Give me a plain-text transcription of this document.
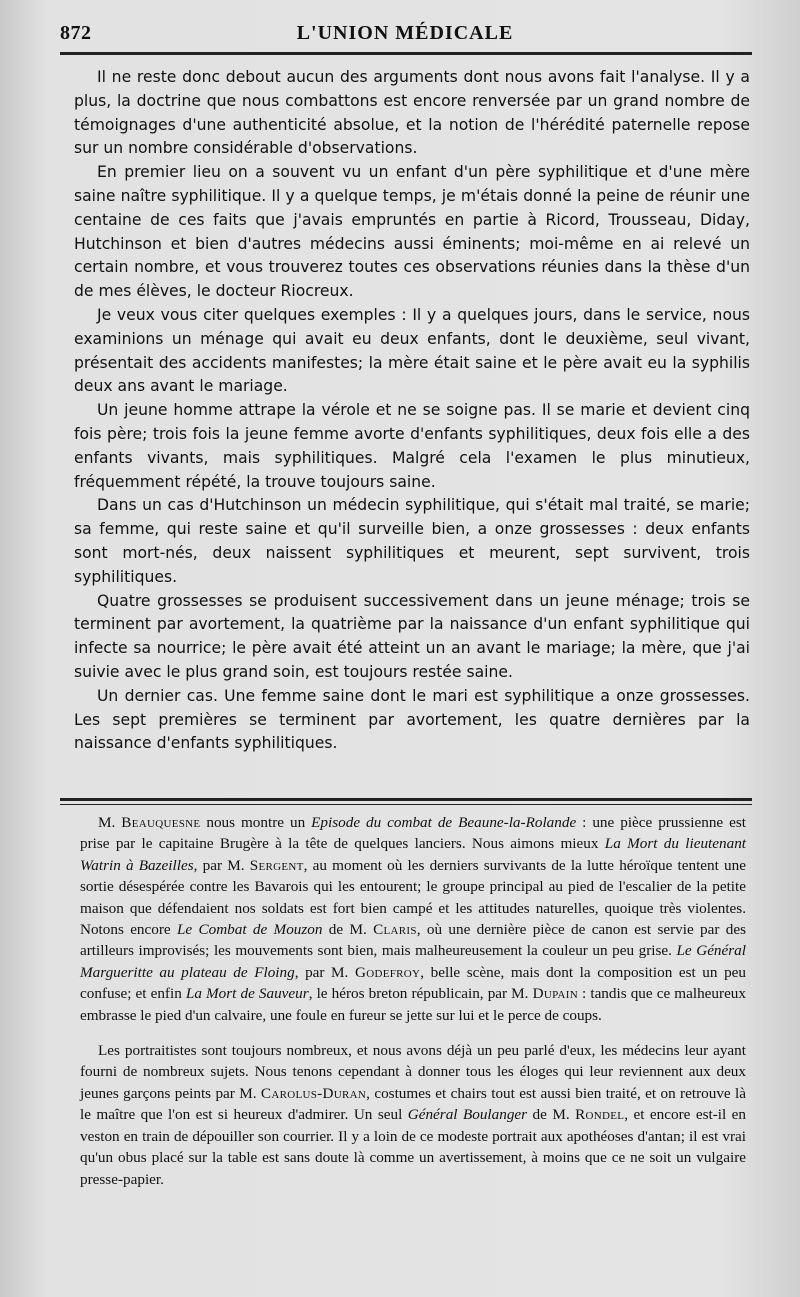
872	L'UNION MÉDICALE

Il ne reste donc debout aucun des arguments dont nous avons fait l'analyse. Il y a plus, la doctrine que nous combattons est encore renversée par un grand nombre de témoignages d'une authenticité absolue, et la notion de l'hérédité paternelle repose sur un nombre considérable d'observations.

En premier lieu on a souvent vu un enfant d'un père syphilitique et d'une mère saine naître syphilitique. Il y a quelque temps, je m'étais donné la peine de réunir une centaine de ces faits que j'avais empruntés en partie à Ricord, Trousseau, Diday, Hutchinson et bien d'autres médecins aussi éminents; moi-même en ai relevé un certain nombre, et vous trouverez toutes ces observations réunies dans la thèse d'un de mes élèves, le docteur Riocreux.

Je veux vous citer quelques exemples : Il y a quelques jours, dans le service, nous examinions un ménage qui avait eu deux enfants, dont le deuxième, seul vivant, présentait des accidents manifestes; la mère était saine et le père avait eu la syphilis deux ans avant le mariage.

Un jeune homme attrape la vérole et ne se soigne pas. Il se marie et devient cinq fois père; trois fois la jeune femme avorte d'enfants syphilitiques, deux fois elle a des enfants vivants, mais syphilitiques. Malgré cela l'examen le plus minutieux, fréquemment répété, la trouve toujours saine.

Dans un cas d'Hutchinson un médecin syphilitique, qui s'était mal traité, se marie; sa femme, qui reste saine et qu'il surveille bien, a onze grossesses : deux enfants sont mort-nés, deux naissent syphilitiques et meurent, sept survivent, trois syphilitiques.

Quatre grossesses se produisent successivement dans un jeune ménage; trois se terminent par avortement, la quatrième par la naissance d'un enfant syphilitique qui infecte sa nourrice; le père avait été atteint un an avant le mariage; la mère, que j'ai suivie avec le plus grand soin, est toujours restée saine.

Un dernier cas. Une femme saine dont le mari est syphilitique a onze grossesses. Les sept premières se terminent par avortement, les quatre dernières par la naissance d'enfants syphilitiques.

M. Beauquesne nous montre un Episode du combat de Beaune-la-Rolande : une pièce prussienne est prise par le capitaine Brugère à la tête de quelques lanciers. Nous aimons mieux La Mort du lieutenant Watrin à Bazeilles, par M. Sergent, au moment où les derniers survivants de la lutte héroïque tentent une sortie désespérée contre les Bavarois qui les entourent; le groupe principal au pied de l'escalier de la petite maison que défendaient nos soldats est fort bien campé et les attitudes naturelles, quoique très violentes. Notons encore Le Combat de Mouzon de M. Claris, où une dernière pièce de canon est servie par des artilleurs improvisés; les mouvements sont bien, mais malheureusement la couleur un peu grise. Le Général Margueritte au plateau de Floing, par M. Godefroy, belle scène, mais dont la composition est un peu confuse; et enfin La Mort de Sauveur, le héros breton républicain, par M. Dupain : tandis que ce malheureux embrasse le pied d'un calvaire, une foule en fureur se jette sur lui et le perce de coups.

Les portraitistes sont toujours nombreux, et nous avons déjà un peu parlé d'eux, les médecins leur ayant fourni de nombreux sujets. Nous tenons cependant à donner tous les éloges qui leur reviennent aux deux jeunes garçons peints par M. Carolus-Duran, costumes et chairs tout est aussi bien traité, et on retrouve là le maître que l'on est si heureux d'admirer. Un seul Général Boulanger de M. Rondel, et encore est-il en veston en train de dépouiller son courrier. Il y a loin de ce modeste portrait aux apothéoses d'antan; il est vrai qu'un obus placé sur la table est sans doute là comme un avertissement, à moins que ce ne soit un vulgaire presse-papier.
